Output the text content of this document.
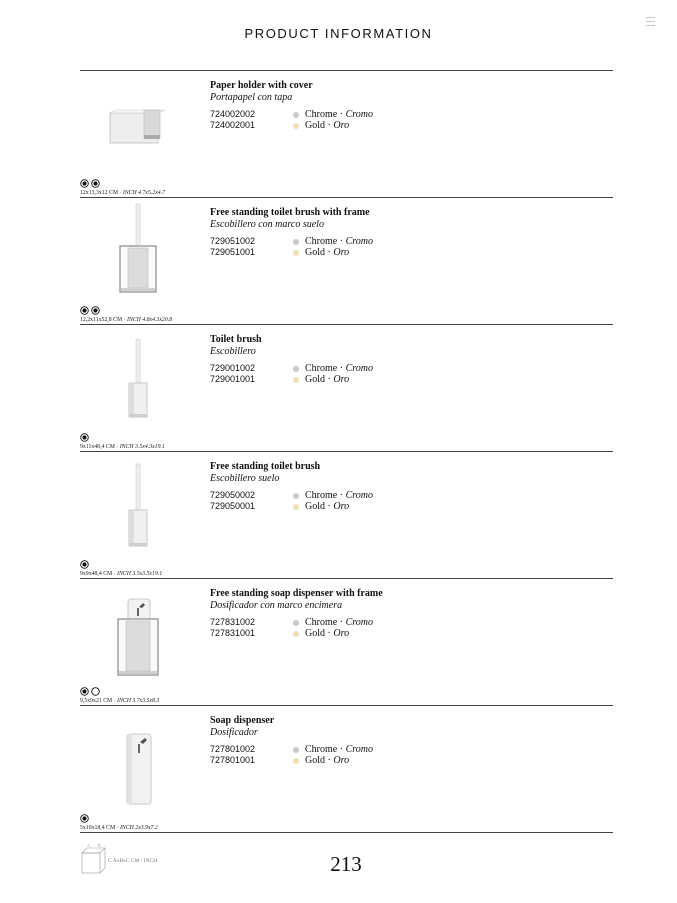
PRODUCT INFORMATION
Paper holder with cover
Portapapel con tapa
724002002
724002001
Chrome · Cromo
Gold · Oro
12x13,3x12 CM · INCH 4.7x5.2x4.7
Free standing toilet brush with frame
Escobillero con marco suelo
729051002
729051001
Chrome · Cromo
Gold · Oro
12,2x11x52,8 CM · INCH 4.8x4.3x20.8
Toilet brush
Escobillero
729001002
729001001
Chrome · Cromo
Gold · Oro
9x11x48,4 CM · INCH 3.5x4.3x19.1
Free standing toilet brush
Escobillero suelo
729050002
729050001
Chrome · Cromo
Gold · Oro
9x9x48,4 CM · INCH 3.5x3.5x19.1
Free standing soap dispenser with frame
Dosificador con marco encimera
727831002
727831001
Chrome · Cromo
Gold · Oro
9,5x9x21 CM · INCH 3.7x3.5x8.3
Soap dispenser
Dosificador
727801002
727801001
Chrome · Cromo
Gold · Oro
5x10x18,4 CM · INCH 2x3.9x7.2
A B
C AxBxC CM / INCH	213
